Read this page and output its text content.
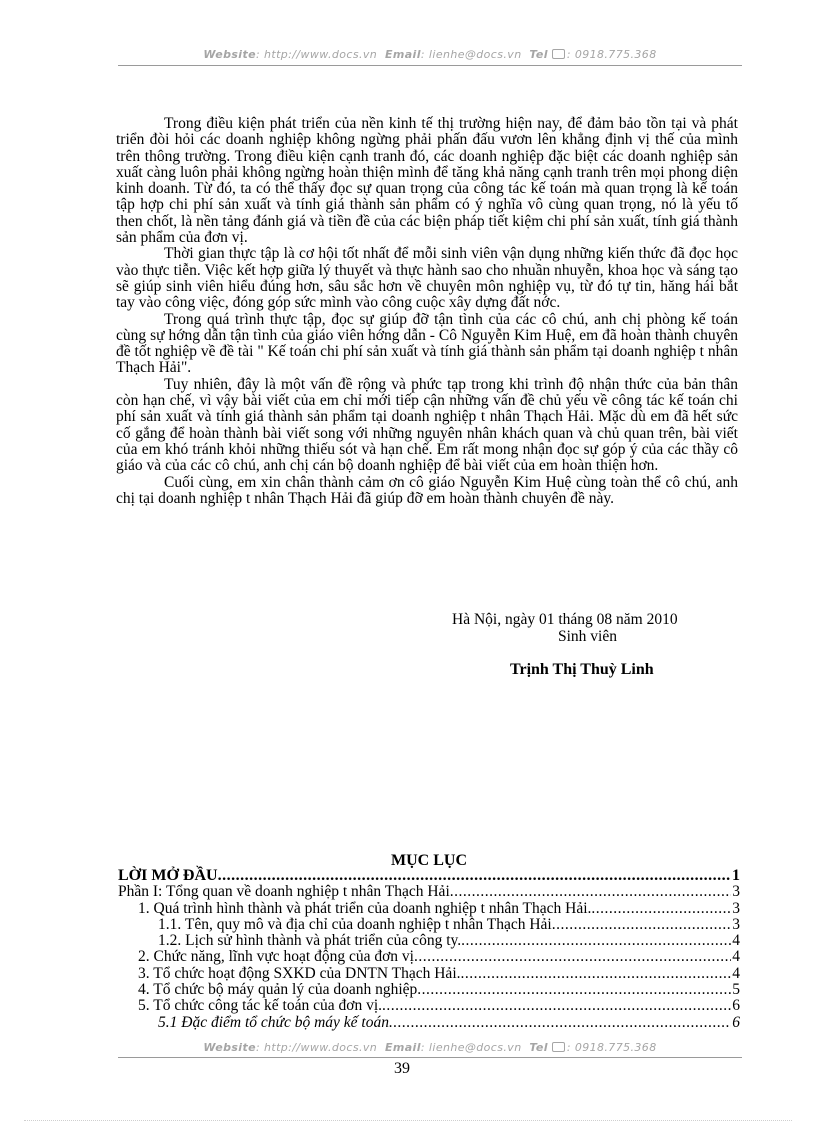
Website: http://www.docs.vn Email: lienhe@docs.vn Tel : 0918.775.368

Trong điều kiện phát triển của nền kinh tế thị trường hiện nay, để đảm bảo tồn tại và phát triển đòi hỏi các doanh nghiệp không ngừng phải phấn đấu vươn lên khẳng định vị thế của mình trên thông trường. Trong điều kiện cạnh tranh đó, các doanh nghiệp đặc biệt các doanh nghiệp sản xuất càng luôn phải không ngừng hoàn thiện mình để tăng khả năng cạnh tranh trên mọi phong diện kinh doanh. Từ đó, ta có thể thấy đọc sự quan trọng của công tác kế toán mà quan trọng là kế toán tập hợp chi phí sản xuất và tính giá thành sản phẩm có ý nghĩa vô cùng quan trọng, nó là yếu tố then chốt, là nền tảng đánh giá và tiền đề của các biện pháp tiết kiệm chi phí sản xuất, tính giá thành sản phẩm của đơn vị.

Thời gian thực tập là cơ hội tốt nhất để mỗi sinh viên vận dụng những kiến thức đã đọc học vào thực tiễn. Việc kết hợp giữa lý thuyết và thực hành sao cho nhuần nhuyễn, khoa học và sáng tạo sẽ giúp sinh viên hiểu đúng hơn, sâu sắc hơn về chuyên môn nghiệp vụ, từ đó tự tin, hăng hái bắt tay vào công việc, đóng góp sức mình vào công cuộc xây dựng đất nớc.

Trong quá trình thực tập, đọc sự giúp đỡ tận tình của các cô chú, anh chị phòng kế toán cùng sự hớng dẫn tận tình của giáo viên hớng dẫn - Cô Nguyễn Kim Huệ, em đã hoàn thành chuyên đề tốt nghiệp về đề tài " Kế toán chi phí sản xuất và tính giá thành sản phẩm tại doanh nghiệp t nhân Thạch Hải".

Tuy nhiên, đây là một vấn đề rộng và phức tạp trong khi trình độ nhận thức của bản thân còn hạn chế, vì vậy bài viết của em chỉ mới tiếp cận những vấn đề chủ yếu về công tác kế toán chi phí sản xuất và tính giá thành sản phẩm tại doanh nghiệp t nhân Thạch Hải. Mặc dù em đã hết sức cố gắng để hoàn thành bài viết song với những nguyên nhân khách quan và chủ quan trên, bài viết của em khó tránh khỏi những thiếu sót và hạn chế. Em rất mong nhận đọc sự góp ý của các thầy cô giáo và của các cô chú, anh chị cán bộ doanh nghiệp để bài viết của em hoàn thiện hơn.

Cuối cùng, em xin chân thành cảm ơn cô giáo Nguyễn Kim Huệ cùng toàn thể cô chú, anh chị tại doanh nghiệp t nhân Thạch Hải đã giúp đỡ em hoàn thành chuyên đề này.

Hà Nội, ngày 01 tháng 08 năm 2010
Sinh viên
Trịnh Thị Thuỳ Linh
MỤC LỤC
LỜI MỞ ĐẦU .....	1
Phần I: Tổng quan về doanh nghiệp t nhân Thạch Hải .....	3
1. Quá trình hình thành và phát triển của doanh nghiệp t nhân Thạch Hải. .....	3
1.1. Tên, quy mô và địa chỉ của doanh nghiệp t nhân Thạch Hải .....	3
1.2. Lịch sử hình thành và phát triển của công ty. .....	4
2. Chức năng, lĩnh vực hoạt động của đơn vị .....	4
3. Tổ chức hoạt động SXKD của DNTN Thạch Hải. .....	4
4. Tổ chức bộ máy quản lý của doanh nghiệp .....	5
5. Tổ chức công tác kế toán của đơn vị. .....	6
5.1 Đặc điểm tổ chức bộ máy kế toán .....	6
Website: http://www.docs.vn Email: lienhe@docs.vn Tel : 0918.775.368
39
